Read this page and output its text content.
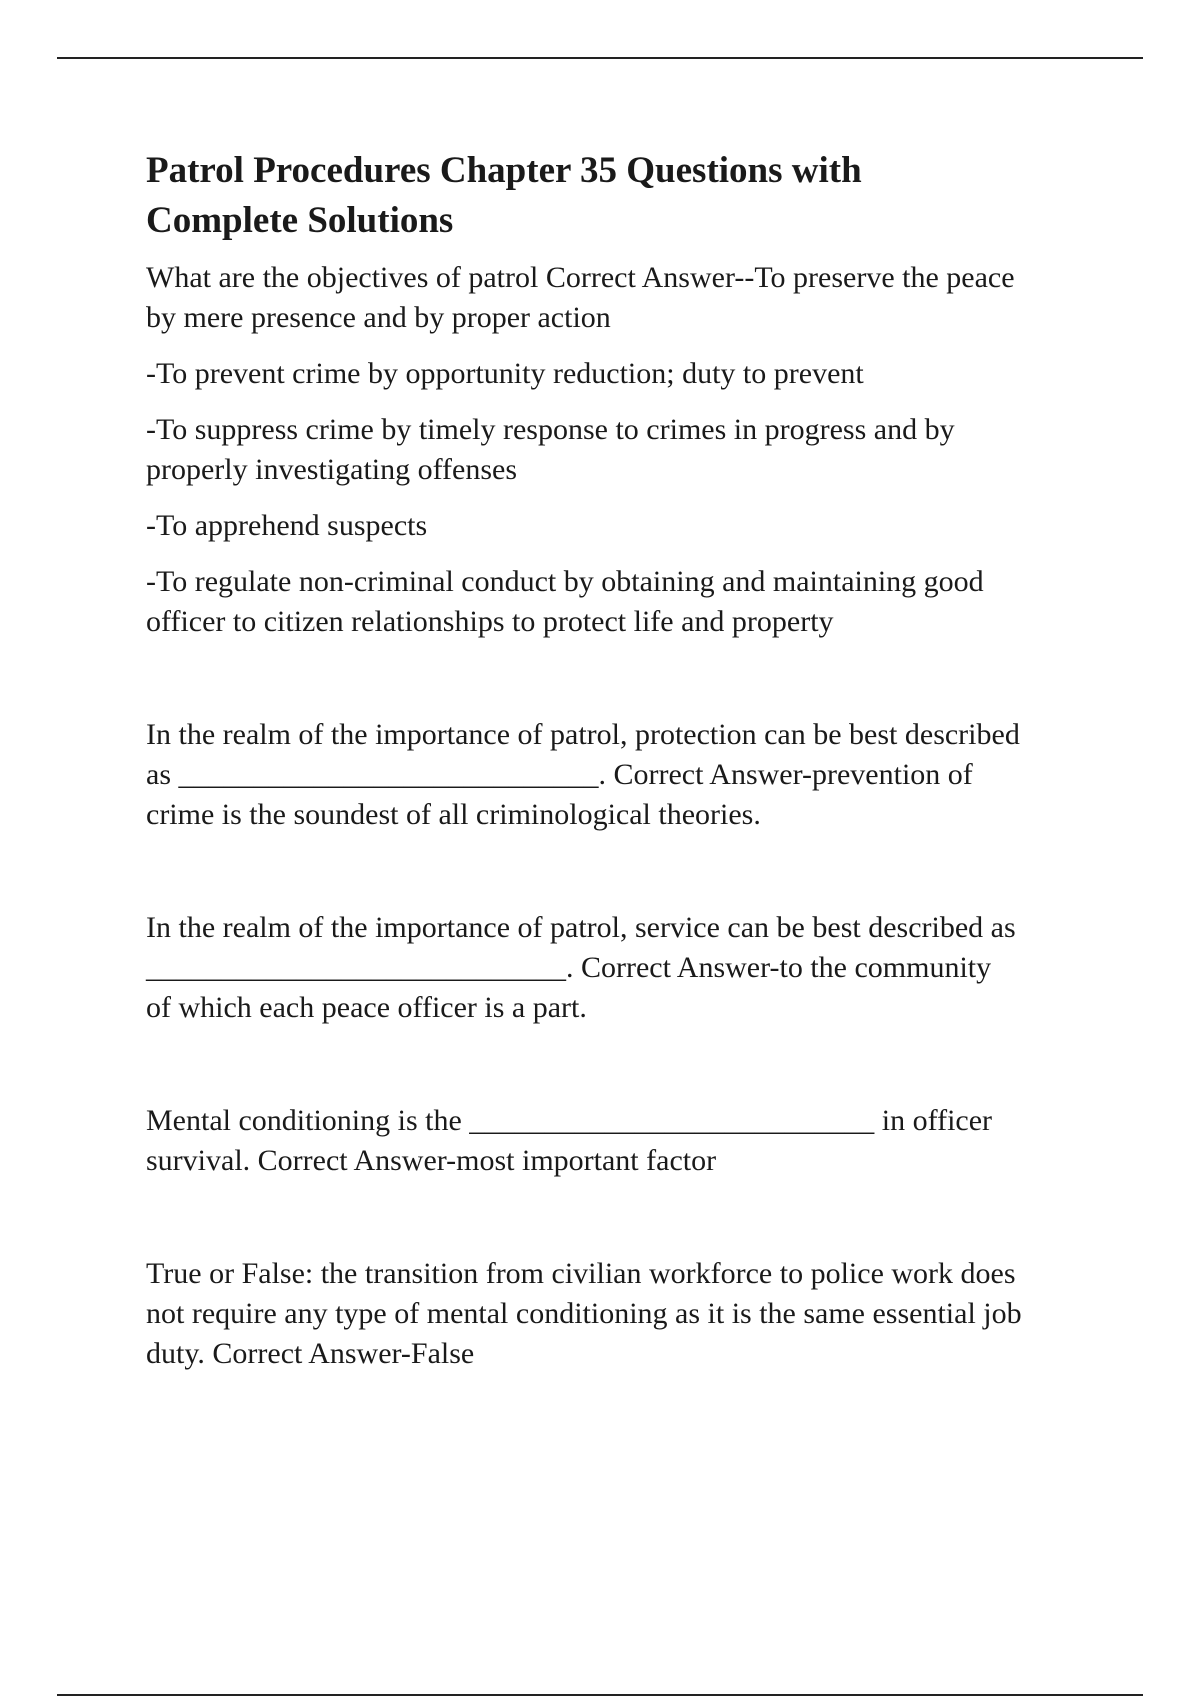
Patrol Procedures Chapter 35 Questions with
Complete Solutions

What are the objectives of patrol Correct Answer--To preserve the peace
by mere presence and by proper action

-To prevent crime by opportunity reduction; duty to prevent

-To suppress crime by timely response to crimes in progress and by
properly investigating offenses

-To apprehend suspects

-To regulate non-criminal conduct by obtaining and maintaining good
officer to citizen relationships to protect life and property

In the realm of the importance of patrol, protection can be best described
as ____________________________. Correct Answer-prevention of
crime is the soundest of all criminological theories.

In the realm of the importance of patrol, service can be best described as
____________________________. Correct Answer-to the community
of which each peace officer is a part.

Mental conditioning is the ___________________________ in officer
survival. Correct Answer-most important factor

True or False: the transition from civilian workforce to police work does
not require any type of mental conditioning as it is the same essential job
duty. Correct Answer-False
